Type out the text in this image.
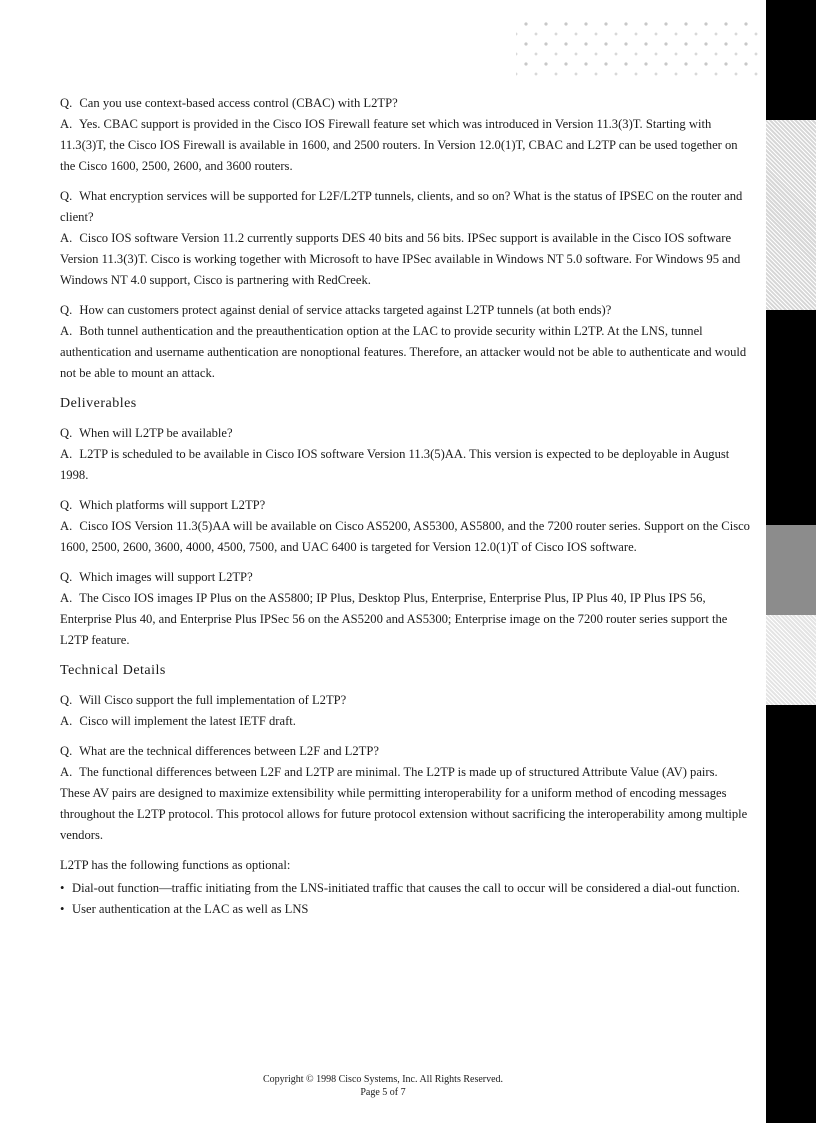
Q. Can you use context-based access control (CBAC) with L2TP?

A. Yes. CBAC support is provided in the Cisco IOS Firewall feature set which was introduced in Version 11.3(3)T. Starting with 11.3(3)T, the Cisco IOS Firewall is available in 1600, and 2500 routers. In Version 12.0(1)T, CBAC and L2TP can be used together on the Cisco 1600, 2500, 2600, and 3600 routers.

Q. What encryption services will be supported for L2F/L2TP tunnels, clients, and so on? What is the status of IPSEC on the router and client?

A. Cisco IOS software Version 11.2 currently supports DES 40 bits and 56 bits. IPSec support is available in the Cisco IOS software Version 11.3(3)T. Cisco is working together with Microsoft to have IPSec available in Windows NT 5.0 software. For Windows 95 and Windows NT 4.0 support, Cisco is partnering with RedCreek.

Q. How can customers protect against denial of service attacks targeted against L2TP tunnels (at both ends)?

A. Both tunnel authentication and the preauthentication option at the LAC to provide security within L2TP. At the LNS, tunnel authentication and username authentication are nonoptional features. Therefore, an attacker would not be able to authenticate and would not be able to mount an attack.

Deliverables

Q. When will L2TP be available?

A. L2TP is scheduled to be available in Cisco IOS software Version 11.3(5)AA. This version is expected to be deployable in August 1998.

Q. Which platforms will support L2TP?

A. Cisco IOS Version 11.3(5)AA will be available on Cisco AS5200, AS5300, AS5800, and the 7200 router series. Support on the Cisco 1600, 2500, 2600, 3600, 4000, 4500, 7500, and UAC 6400 is targeted for Version 12.0(1)T of Cisco IOS software.

Q. Which images will support L2TP?

A. The Cisco IOS images IP Plus on the AS5800; IP Plus, Desktop Plus, Enterprise, Enterprise Plus, IP Plus 40, IP Plus IPS 56, Enterprise Plus 40, and Enterprise Plus IPSec 56 on the AS5200 and AS5300; Enterprise image on the 7200 router series support the L2TP feature.

Technical Details

Q. Will Cisco support the full implementation of L2TP?

A. Cisco will implement the latest IETF draft.

Q. What are the technical differences between L2F and L2TP?

A. The functional differences between L2F and L2TP are minimal. The L2TP is made up of structured Attribute Value (AV) pairs. These AV pairs are designed to maximize extensibility while permitting interoperability for a uniform method of encoding messages throughout the L2TP protocol. This protocol allows for future protocol extension without sacrificing the interoperability among multiple vendors.

L2TP has the following functions as optional:

• Dial-out function—traffic initiating from the LNS-initiated traffic that causes the call to occur will be considered a dial-out function.
• User authentication at the LAC as well as LNS
Copyright © 1998 Cisco Systems, Inc. All Rights Reserved.
Page 5 of 7
